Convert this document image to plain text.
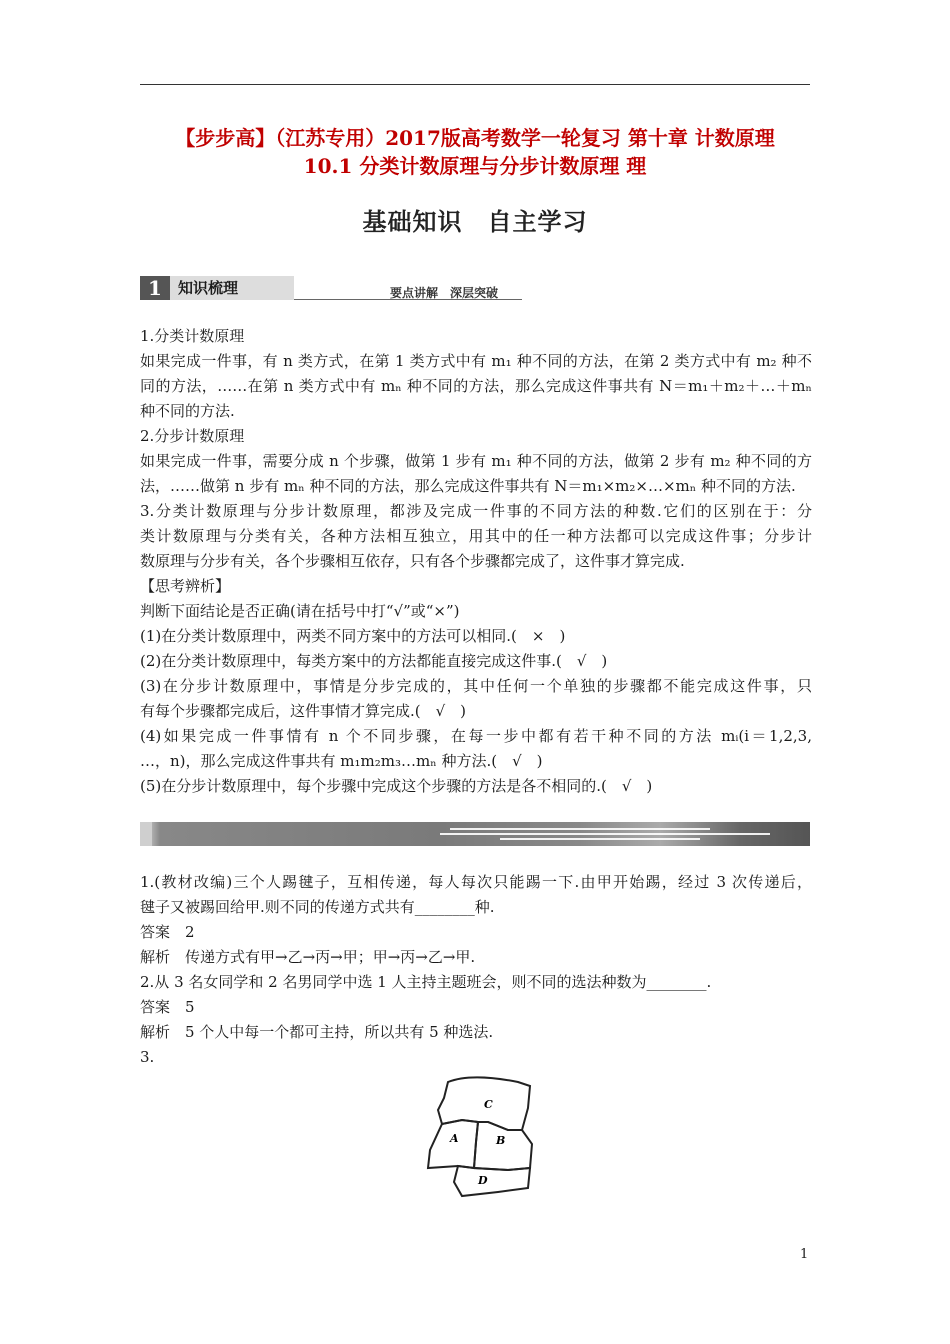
【步步高】（江苏专用）2017版高考数学一轮复习 第十章 计数原理
10.1 分类计数原理与分步计数原理 理
基础知识　自主学习
1	知识梳理	要点讲解　深层突破
1.分类计数原理
如果完成一件事，有 n 类方式，在第 1 类方式中有 m₁ 种不同的方法，在第 2 类方式中有 m₂ 种不
同的方法，……在第 n 类方式中有 mₙ 种不同的方法，那么完成这件事共有 N＝m₁＋m₂＋…＋mₙ
种不同的方法.
2.分步计数原理
如果完成一件事，需要分成 n 个步骤，做第 1 步有 m₁ 种不同的方法，做第 2 步有 m₂ 种不同的方
法，……做第 n 步有 mₙ 种不同的方法，那么完成这件事共有 N＝m₁×m₂×…×mₙ 种不同的方法.
3.分类计数原理与分步计数原理，都涉及完成一件事的不同方法的种数.它们的区别在于：分
类计数原理与分类有关，各种方法相互独立，用其中的任一种方法都可以完成这件事；分步计
数原理与分步有关，各个步骤相互依存，只有各个步骤都完成了，这件事才算完成.
【思考辨析】
判断下面结论是否正确(请在括号中打“√”或“×”)
(1)在分类计数原理中，两类不同方案中的方法可以相同.(　×　)
(2)在分类计数原理中，每类方案中的方法都能直接完成这件事.(　√　)
(3)在分步计数原理中，事情是分步完成的，其中任何一个单独的步骤都不能完成这件事，只
有每个步骤都完成后，这件事情才算完成.(　√　)
(4)如果完成一件事情有 n 个不同步骤，在每一步中都有若干种不同的方法 mᵢ(i＝1,2,3,
…，n)，那么完成这件事共有 m₁m₂m₃…mₙ 种方法.(　√　)
(5)在分步计数原理中，每个步骤中完成这个步骤的方法是各不相同的.(　√　)
1.(教材改编)三个人踢毽子，互相传递，每人每次只能踢一下.由甲开始踢，经过 3 次传递后，
毽子又被踢回给甲.则不同的传递方式共有________种.
答案　2
解析　传递方式有甲→乙→丙→甲；甲→丙→乙→甲.
2.从 3 名女同学和 2 名男同学中选 1 人主持主题班会，则不同的选法种数为________.
答案　5
解析　5 个人中每一个都可主持，所以共有 5 种选法.
3.
C
A	B
D
1
